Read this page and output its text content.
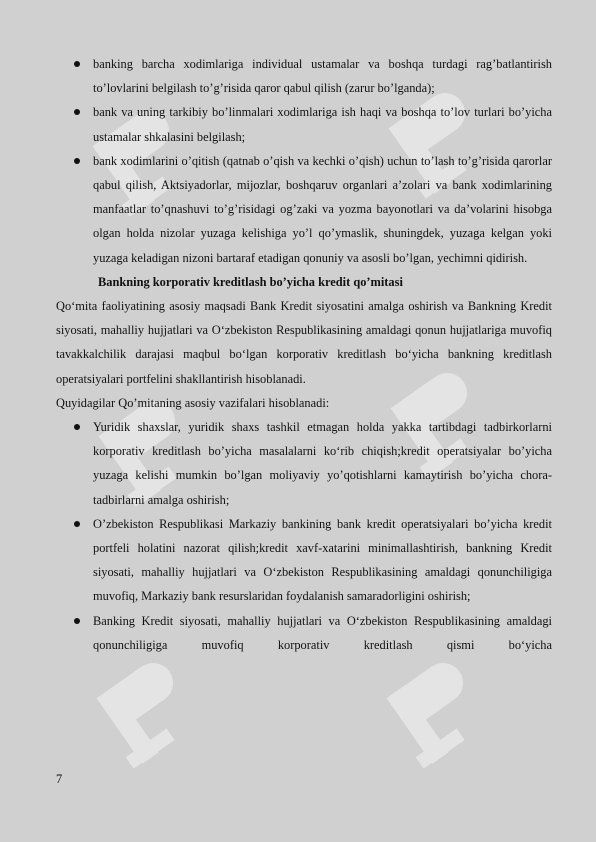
banking barcha xodimlariga individual ustamalar va boshqa turdagi rag’batlantirish to’lovlarini belgilash to’g’risida qaror qabul qilish (zarur bo’lganda);
bank va uning tarkibiy bo’linmalari xodimlariga ish haqi va boshqa to’lov turlari bo’yicha ustamalar shkalasini belgilash;
bank xodimlarini o’qitish (qatnab o’qish va kechki o’qish) uchun to’lash to’g’risida qarorlar qabul qilish, Aktsiyadorlar, mijozlar, boshqaruv organlari a’zolari va bank xodimlarining manfaatlar to’qnashuvi to’g’risidagi og’zaki va yozma bayonotlari va da’volarini hisobga olgan holda nizolar yuzaga kelishiga yo’l qo’ymaslik, shuningdek, yuzaga kelgan yoki yuzaga keladigan nizoni bartaraf etadigan qonuniy va asosli bo’lgan, yechimni qidirish.
Bankning korporativ kreditlash bo’yicha kredit qo’mitasi
Qo‘mita faoliyatining asosiy maqsadi Bank Kredit siyosatini amalga oshirish va Bankning Kredit siyosati, mahalliy hujjatlari va O‘zbekiston Respublikasining amaldagi qonun hujjatlariga muvofiq tavakkalchilik darajasi maqbul bo‘lgan korporativ kreditlash bo‘yicha bankning kreditlash operatsiyalari portfelini shakllantirish hisoblanadi.
Quyidagilar Qo’mitaning asosiy vazifalari hisoblanadi:
Yuridik shaxslar, yuridik shaxs tashkil etmagan holda yakka tartibdagi tadbirkorlarni korporativ kreditlash bo’yicha masalalarni ko‘rib chiqish;kredit operatsiyalar bo’yicha yuzaga kelishi mumkin bo’lgan moliyaviy yo’qotishlarni kamaytirish bo’yicha chora-tadbirlarni amalga oshirish;
O’zbekiston Respublikasi Markaziy bankining bank kredit operatsiyalari bo’yicha kredit portfeli holatini nazorat qilish;kredit xavf-xatarini minimallashtirish, bankning Kredit siyosati, mahalliy hujjatlari va O‘zbekiston Respublikasining amaldagi qonunchiligiga muvofiq, Markaziy bank resurslaridan foydalanish samaradorligini oshirish;
Banking Kredit siyosati, mahalliy hujjatlari va O‘zbekiston Respublikasining amaldagi qonunchiligiga muvofiq korporativ kreditlash qismi bo‘yicha
7
